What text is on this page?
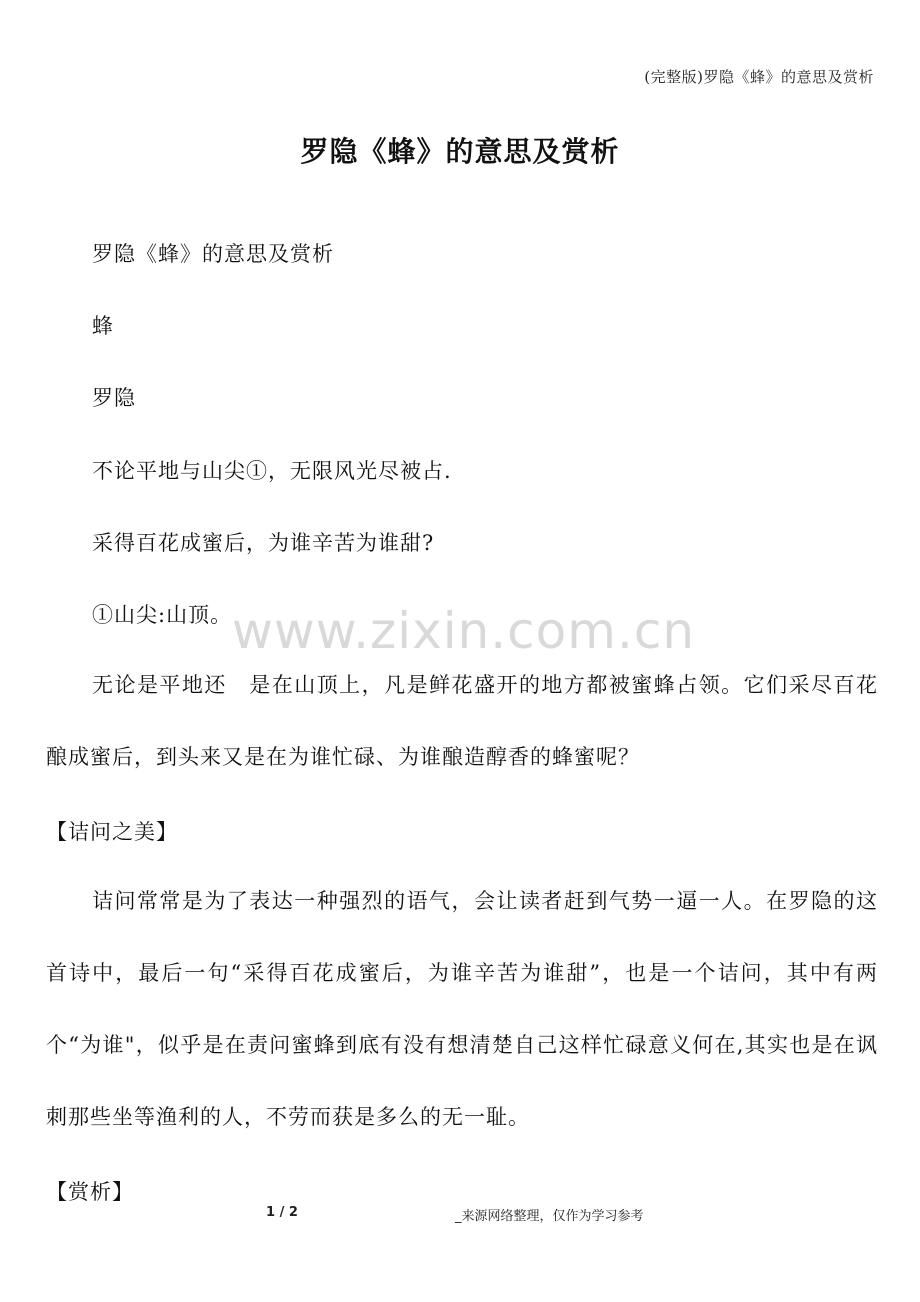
(完整版)罗隐《蜂》的意思及赏析
罗隐《蜂》的意思及赏析
罗隐《蜂》的意思及赏析
蜂
罗隐
不论平地与山尖①，无限风光尽被占.
采得百花成蜜后，为谁辛苦为谁甜?
①山尖:山顶。
无论是平地还　是在山顶上，凡是鲜花盛开的地方都被蜜蜂占领。它们采尽百花酿成蜜后，到头来又是在为谁忙碌、为谁酿造醇香的蜂蜜呢？
【诘问之美】
诘问常常是为了表达一种强烈的语气，会让读者赶到气势一逼一人。在罗隐的这首诗中，最后一句“采得百花成蜜后，为谁辛苦为谁甜”，也是一个诘问，其中有两个“为谁"，似乎是在责问蜜蜂到底有没有想清楚自己这样忙碌意义何在,其实也是在讽刺那些坐等渔利的人，不劳而获是多么的无一耻。
【赏析】
www.zixin.com.cn
1 / 2	_来源网络整理，仅作为学习参考
